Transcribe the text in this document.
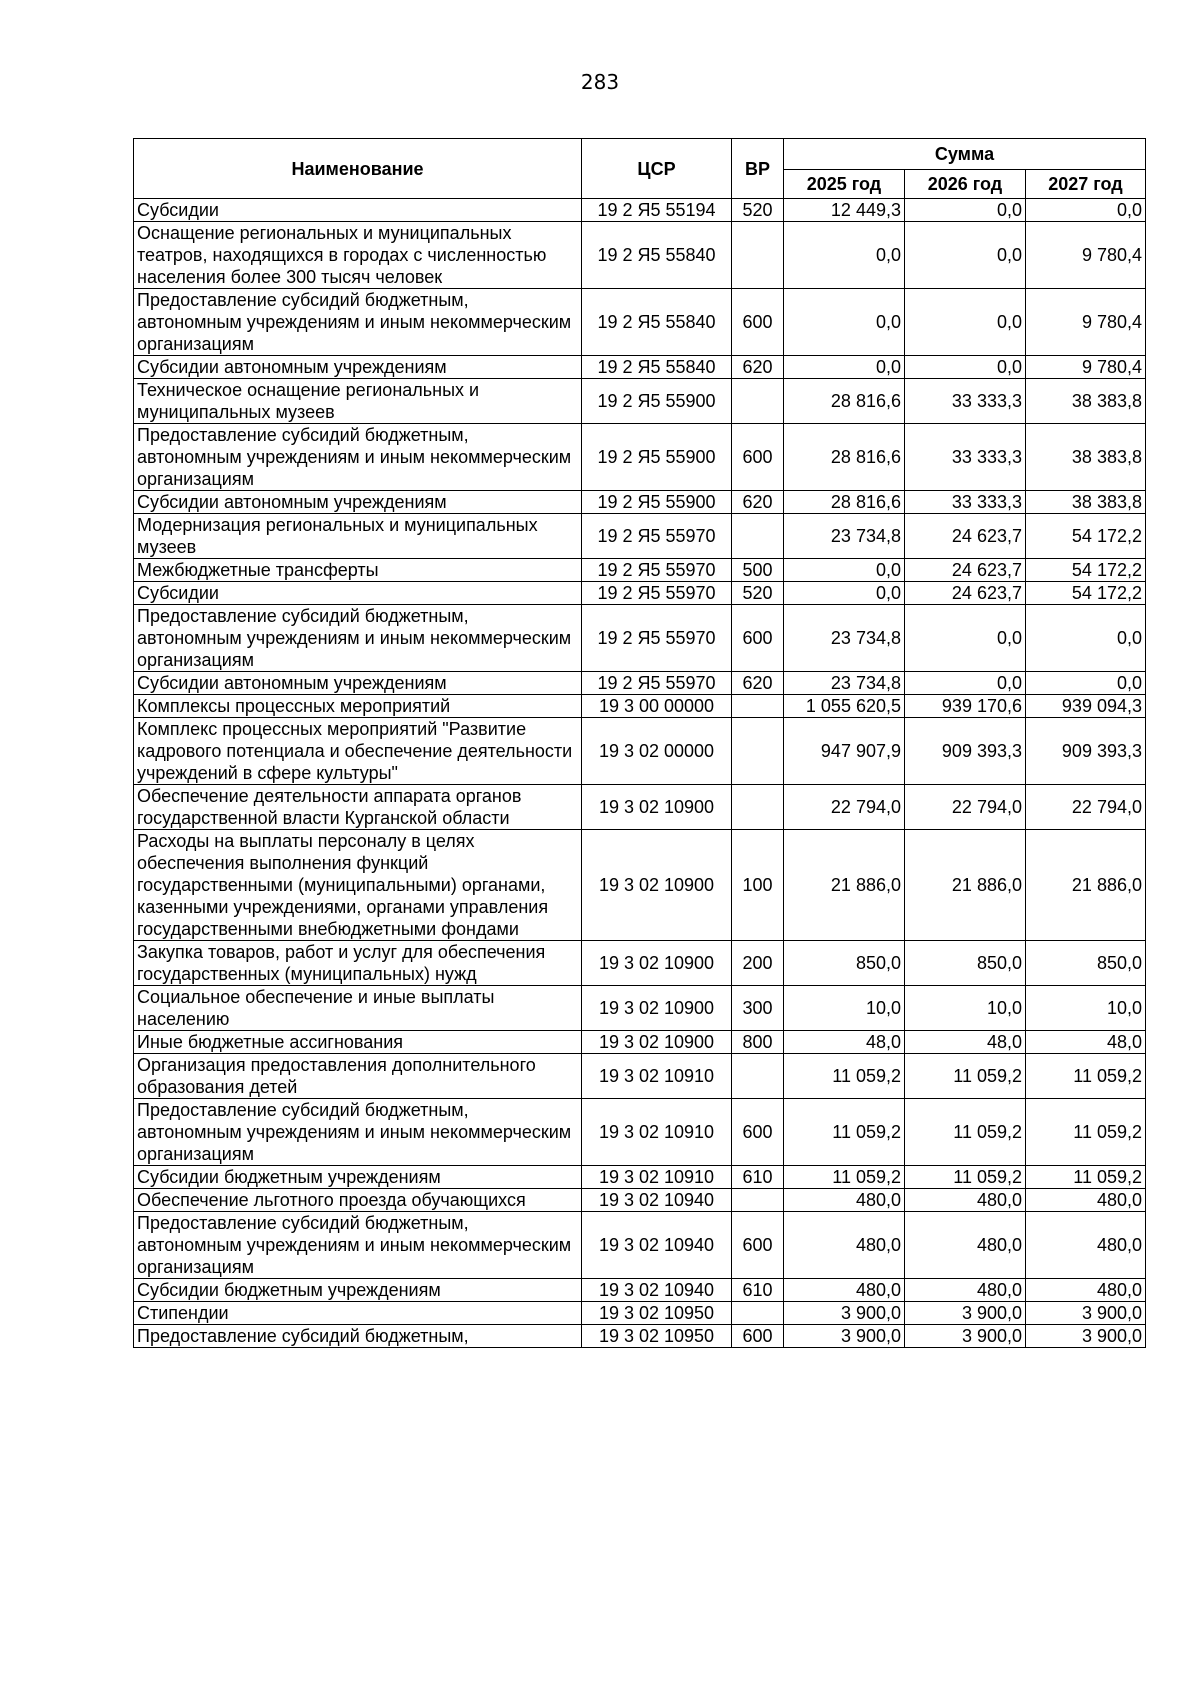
283
Наименование	ЦСР	ВР	Сумма		
			2025 год	2026 год	2027 год
Субсидии	19 2 Я5 55194	520	12 449,3	0,0	0,0
Оснащение региональных и муниципальных театров, находящихся в городах с численностью населения более 300 тысяч человек	19 2 Я5 55840		0,0	0,0	9 780,4
Предоставление субсидий бюджетным, автономным учреждениям и иным некоммерческим организациям	19 2 Я5 55840	600	0,0	0,0	9 780,4
Субсидии автономным учреждениям	19 2 Я5 55840	620	0,0	0,0	9 780,4
Техническое оснащение региональных и муниципальных музеев	19 2 Я5 55900		28 816,6	33 333,3	38 383,8
Предоставление субсидий бюджетным, автономным учреждениям и иным некоммерческим организациям	19 2 Я5 55900	600	28 816,6	33 333,3	38 383,8
Субсидии автономным учреждениям	19 2 Я5 55900	620	28 816,6	33 333,3	38 383,8
Модернизация региональных и муниципальных музеев	19 2 Я5 55970		23 734,8	24 623,7	54 172,2
Межбюджетные трансферты	19 2 Я5 55970	500	0,0	24 623,7	54 172,2
Субсидии	19 2 Я5 55970	520	0,0	24 623,7	54 172,2
Предоставление субсидий бюджетным, автономным учреждениям и иным некоммерческим организациям	19 2 Я5 55970	600	23 734,8	0,0	0,0
Субсидии автономным учреждениям	19 2 Я5 55970	620	23 734,8	0,0	0,0
Комплексы процессных мероприятий	19 3 00 00000		1 055 620,5	939 170,6	939 094,3
Комплекс процессных мероприятий "Развитие кадрового потенциала и обеспечение деятельности учреждений в сфере культуры"	19 3 02 00000		947 907,9	909 393,3	909 393,3
Обеспечение деятельности аппарата органов государственной власти Курганской области	19 3 02 10900		22 794,0	22 794,0	22 794,0
Расходы на выплаты персоналу в целях обеспечения выполнения функций государственными (муниципальными) органами, казенными учреждениями, органами управления государственными внебюджетными фондами	19 3 02 10900	100	21 886,0	21 886,0	21 886,0
Закупка товаров, работ и услуг для обеспечения государственных (муниципальных) нужд	19 3 02 10900	200	850,0	850,0	850,0
Социальное обеспечение и иные выплаты населению	19 3 02 10900	300	10,0	10,0	10,0
Иные бюджетные ассигнования	19 3 02 10900	800	48,0	48,0	48,0
Организация предоставления дополнительного образования детей	19 3 02 10910		11 059,2	11 059,2	11 059,2
Предоставление субсидий бюджетным, автономным учреждениям и иным некоммерческим организациям	19 3 02 10910	600	11 059,2	11 059,2	11 059,2
Субсидии бюджетным учреждениям	19 3 02 10910	610	11 059,2	11 059,2	11 059,2
Обеспечение льготного проезда обучающихся	19 3 02 10940		480,0	480,0	480,0
Предоставление субсидий бюджетным, автономным учреждениям и иным некоммерческим организациям	19 3 02 10940	600	480,0	480,0	480,0
Субсидии бюджетным учреждениям	19 3 02 10940	610	480,0	480,0	480,0
Стипендии	19 3 02 10950		3 900,0	3 900,0	3 900,0
Предоставление субсидий бюджетным,	19 3 02 10950	600	3 900,0	3 900,0	3 900,0
